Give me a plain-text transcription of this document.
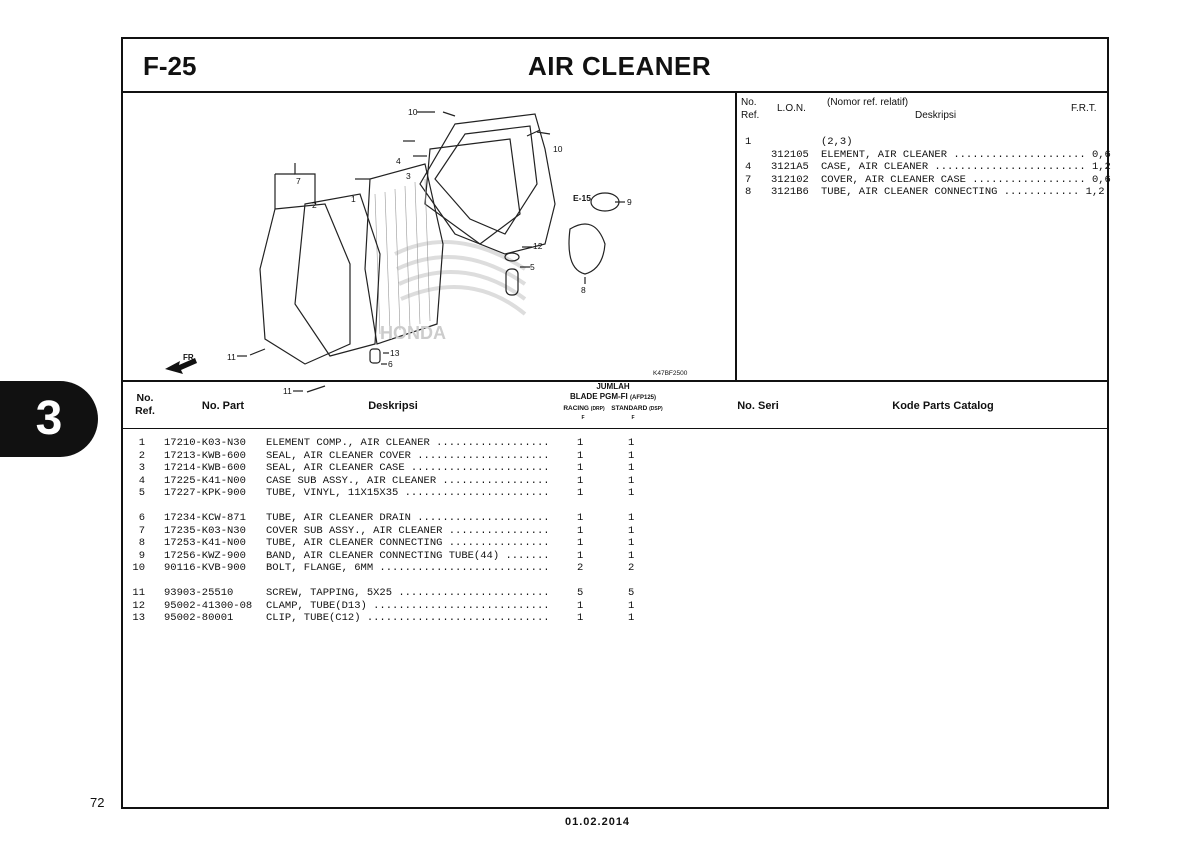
3
72
01.02.2014
F-25	AIR CLEANER
10
10
4
3
7
2
1	E-15	9
12
5
8
11
11
13
6
FR.
K47BF2500
HONDA
No.
Ref.
L.O.N.
(Nomor ref. relatif)
Deskripsi
F.R.T.
1	(2,3)
312105 ELEMENT, AIR CLEANER ..................... 0,6
4 3121A5 CASE, AIR CLEANER ........................ 1,2
7 312102 COVER, AIR CLEANER CASE .................. 0,6
8 3121B6 TUBE, AIR CLEANER CONNECTING ............ 1,2
No.
Ref.	No. Part	Deskripsi
JUMLAH
BLADE PGM-FI (AFP125)
RACING (DRP)	STANDARD (DSP)
F	F
No. Seri	Kode Parts Catalog
1 17210-K03-N30 ELEMENT COMP., AIR CLEANER ..................	1	1
2 17213-KWB-600 SEAL, AIR CLEANER COVER .....................	1	1
3 17214-KWB-600 SEAL, AIR CLEANER CASE ......................	1	1
4 17225-K41-N00 CASE SUB ASSY., AIR CLEANER .................	1	1
5 17227-KPK-900 TUBE, VINYL, 11X15X35 .......................	1	1
6 17234-KCW-871 TUBE, AIR CLEANER DRAIN .....................	1	1
7 17235-K03-N30 COVER SUB ASSY., AIR CLEANER ................	1	1
8 17253-K41-N00 TUBE, AIR CLEANER CONNECTING ................	1	1
9 17256-KWZ-900 BAND, AIR CLEANER CONNECTING TUBE(44) .......	1	1
10 90116-KVB-900 BOLT, FLANGE, 6MM ...........................	2	2
11 93903-25510	SCREW, TAPPING, 5X25 ........................	5	5
12 95002-41300-08 CLAMP, TUBE(D13) ............................	1	1
13 95002-80001	CLIP, TUBE(C12) .............................	1	1
